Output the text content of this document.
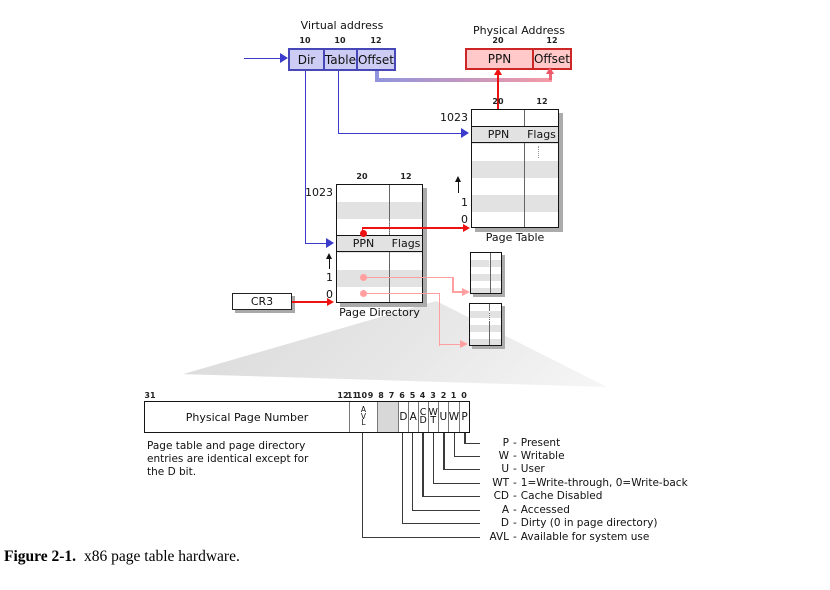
Virtual address
10	10	12
Dir Table Offset
Physical Address
20	12
PPN	Offset
20	12
PPN	Flags
1023
1
0
Page Table
20	12
PPN	Flags
1023
1
0
Page Directory
CR3
31	12
11
10 9 8 7 6 5 4 3 2 1 0
Physical Page Number
A
V
L	D A C
D
W
T U W P
Page table and page directory
entries are identical except for
the D bit.
P - Present
W - Writable
U - User
WT - 1=Write-through, 0=Write-back
CD - Cache Disabled
A - Accessed
D - Dirty (0 in page directory)
AVL - Available for system use
Figure 2-1. x86 page table hardware.
